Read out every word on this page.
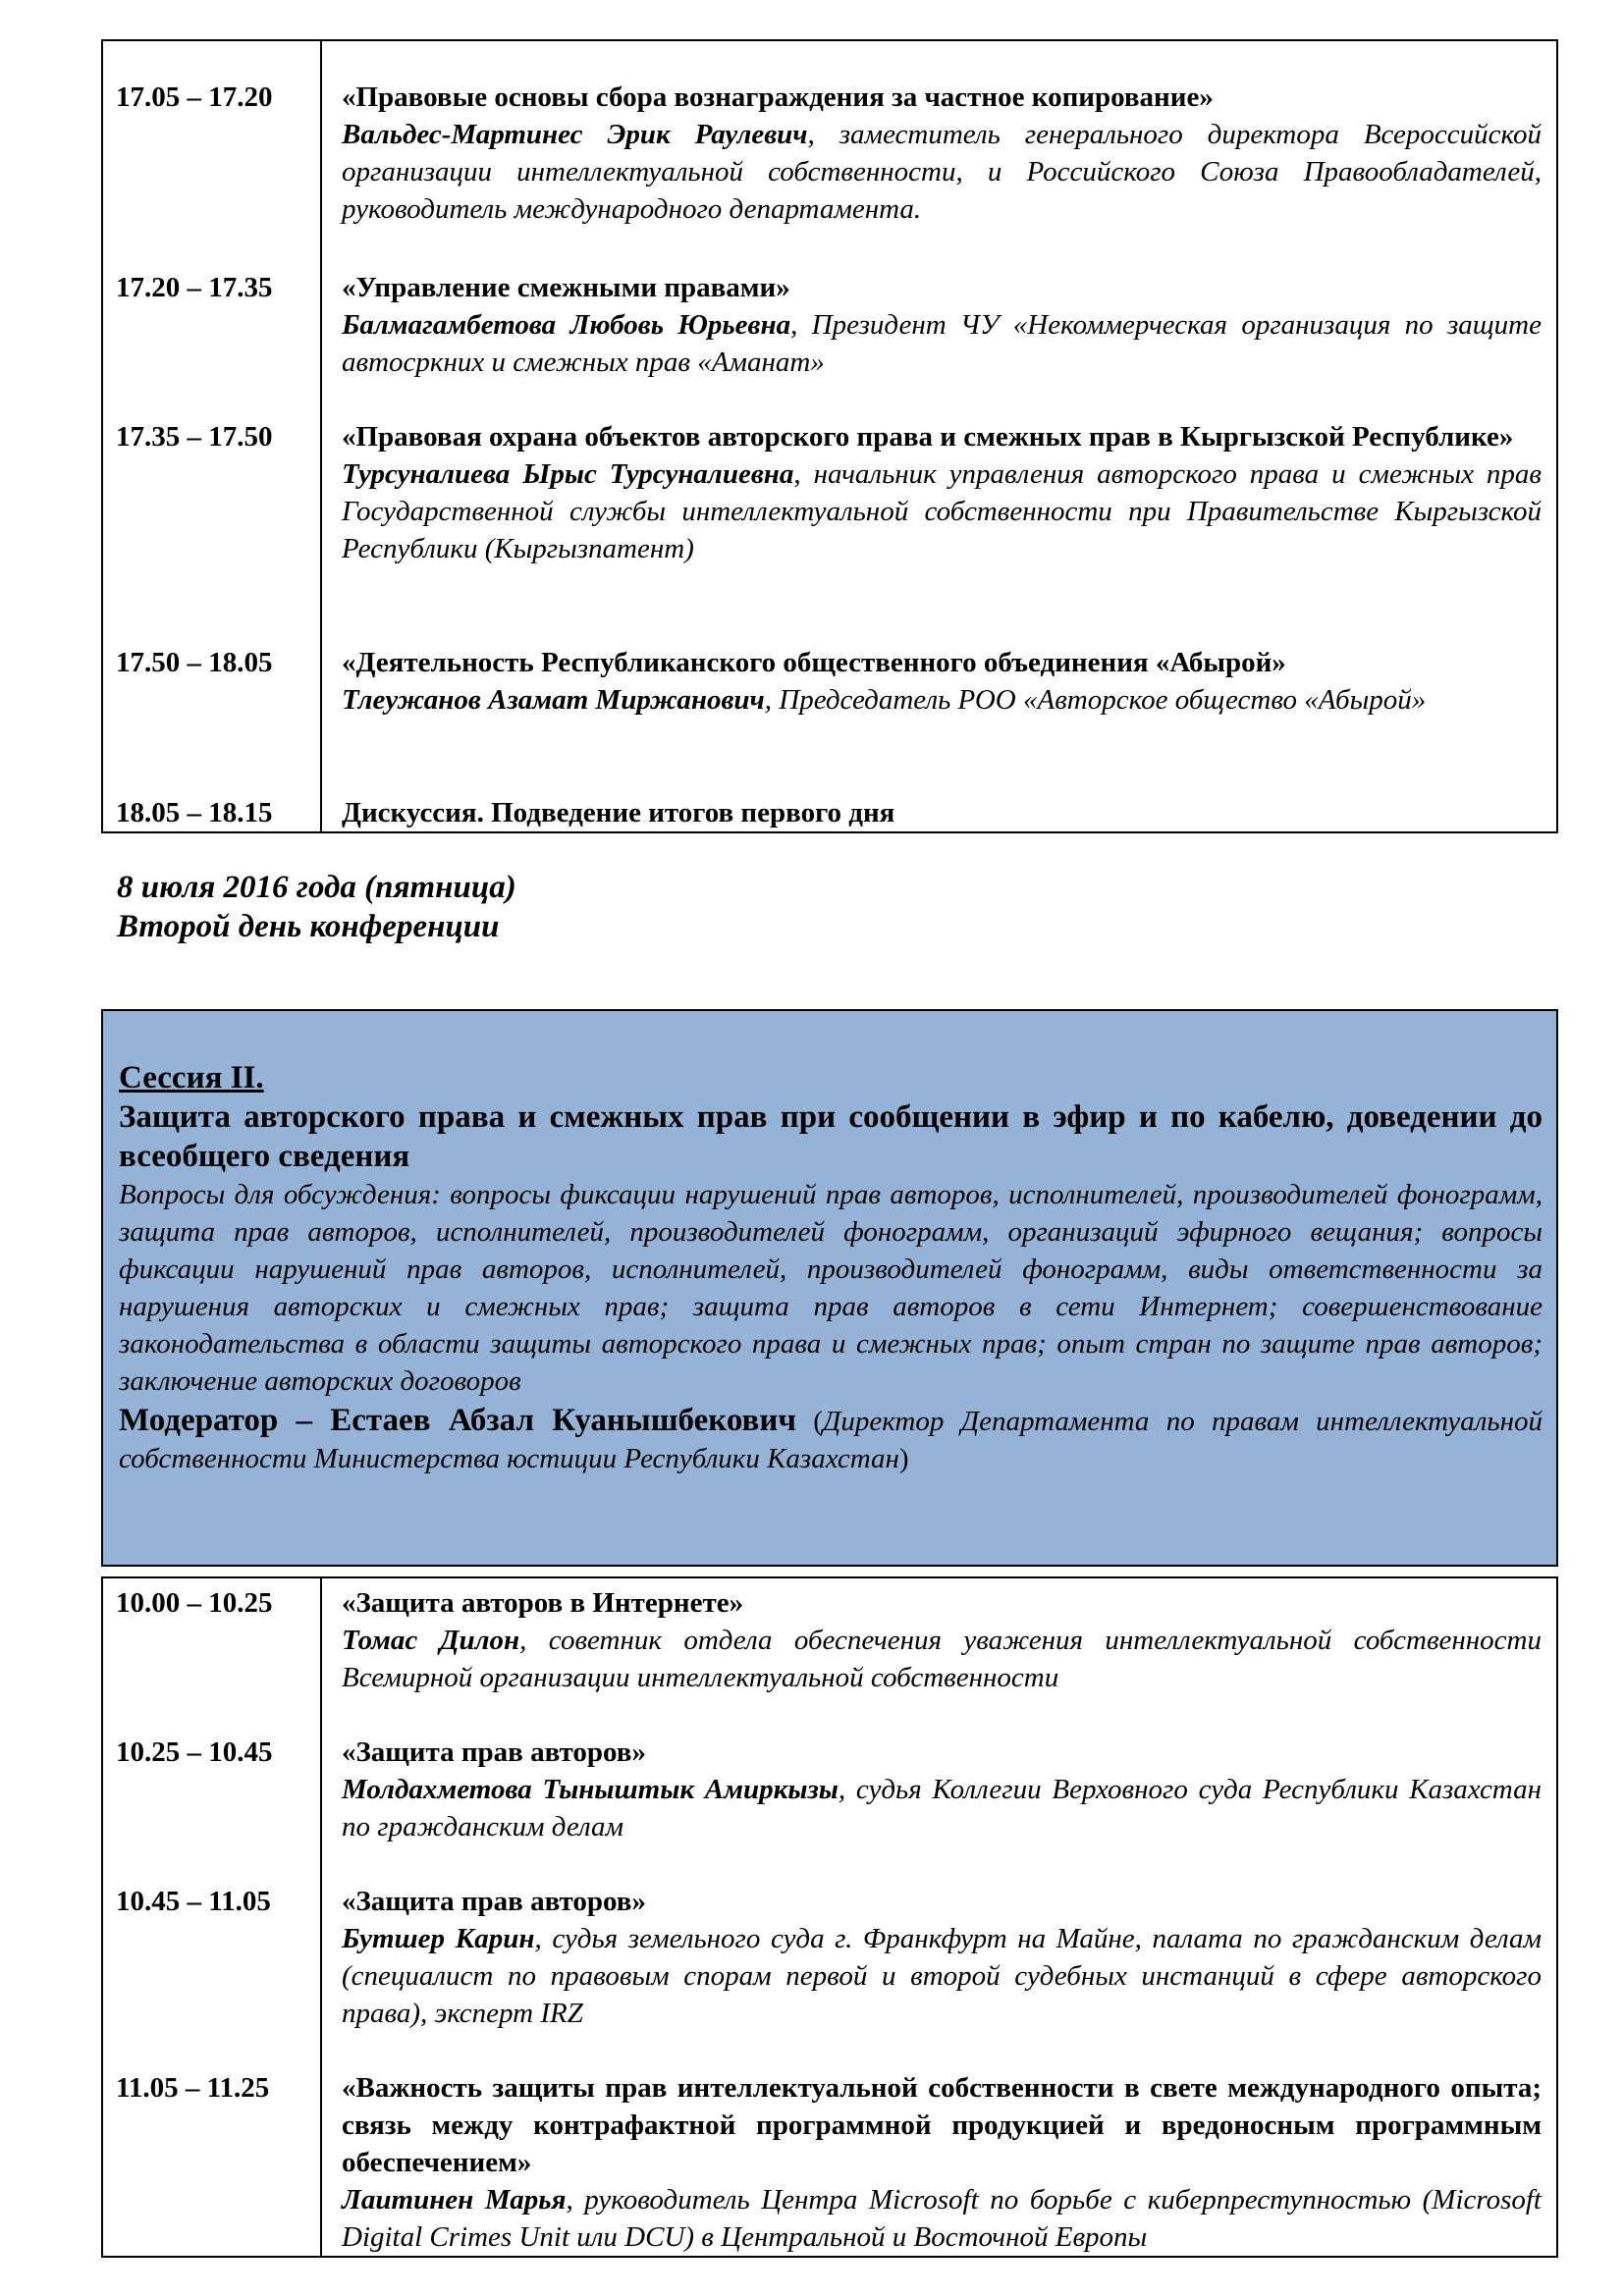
17.05 – 17.20	«Правовые основы сбора вознаграждения за частное копирование»
Вальдес-Мартинес Эрик Раулевич, заместитель генерального директора Всероссийской организации интеллектуальной собственности, и Российского Союза Правообладателей, руководитель международного департамента.

17.20 – 17.35	«Управление смежными правами»
Балмагамбетова Любовь Юрьевна, Президент ЧУ «Некоммерческая организация по защите автосркних и смежных прав «Аманат»

17.35 – 17.50	«Правовая охрана объектов авторского права и смежных прав в Кыргызской Республике»
Турсуналиева Ырыс Турсуналиевна, начальник управления авторского права и смежных прав Государственной службы интеллектуальной собственности при Правительстве Кыргызской Республики (Кыргызпатент)

17.50 – 18.05	«Деятельность Республиканского общественного объединения «Абырой»
Тлеужанов Азамат Миржанович, Председатель РОО «Авторское общество «Абырой»

18.05 – 18.15	Дискуссия. Подведение итогов первого дня
8 июля 2016 года (пятница)
Второй день конференции
Сессия II.
Защита авторского права и смежных прав при сообщении в эфир и по кабелю, доведении до всеобщего сведения
Вопросы для обсуждения: вопросы фиксации нарушений прав авторов, исполнителей, производителей фонограмм, защита прав авторов, исполнителей, производителей фонограмм, организаций эфирного вещания; вопросы фиксации нарушений прав авторов, исполнителей, производителей фонограмм, виды ответственности за нарушения авторских и смежных прав; защита прав авторов в сети Интернет; совершенствование законодательства в области защиты авторского права и смежных прав; опыт стран по защите прав авторов; заключение авторских договоров
Модератор – Естаев Абзал Куанышбекович (Директор Департамента по правам интеллектуальной собственности Министерства юстиции Республики Казахстан)
10.00 – 10.25	«Защита авторов в Интернете»
Томас Дилон, советник отдела обеспечения уважения интеллектуальной собственности Всемирной организации интеллектуальной собственности

10.25 – 10.45	«Защита прав авторов»
Молдахметова Тыныштык Амиркызы, судья Коллегии Верховного суда Республики Казахстан по гражданским делам

10.45 – 11.05	«Защита прав авторов»
Бутшер Карин, судья земельного суда г. Франкфурт на Майне, палата по гражданским делам (специалист по правовым спорам первой и второй судебных инстанций в сфере авторского права), эксперт IRZ

11.05 – 11.25	«Важность защиты прав интеллектуальной собственности в свете международного опыта; связь между контрафактной программной продукцией и вредоносным программным обеспечением»
Лаитинен Марья, руководитель Центра Microsoft по борьбе с киберпреступностью (Microsoft Digital Crimes Unit или DCU) в Центральной и Восточной Европы
